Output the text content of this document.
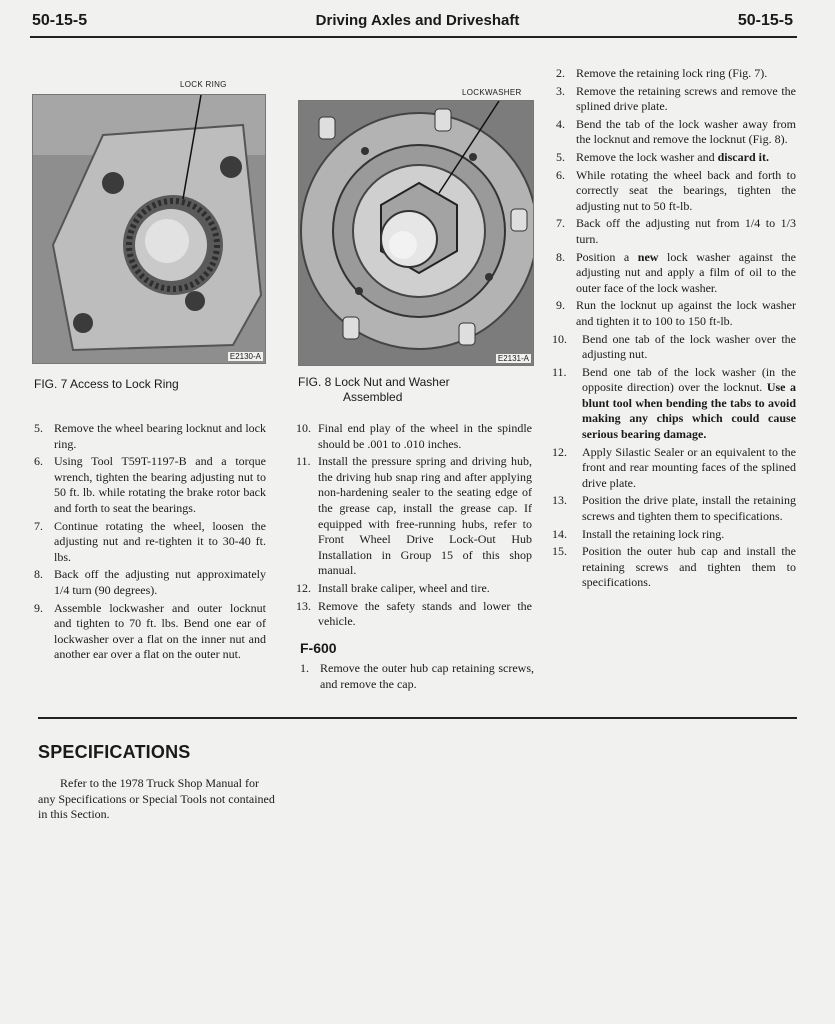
50-15-5	Driving Axles and Driveshaft	50-15-5
LOCK RING
E2130-A
FIG. 7 Access to Lock Ring
LOCKWASHER
E2131-A
FIG. 8 Lock Nut and Washer
Assembled
5. Remove the wheel bearing locknut and lock ring.
6. Using Tool T59T-1197-B and a torque wrench, tighten the bearing adjusting nut to 50 ft. lb. while rotating the brake rotor back and forth to seat the bearings.
7. Continue rotating the wheel, loosen the adjusting nut and re-tighten it to 30-40 ft. lbs.
8. Back off the adjusting nut approximately 1/4 turn (90 degrees).
9. Assemble lockwasher and outer locknut and tighten to 70 ft. lbs. Bend one ear of lockwasher over a flat on the inner nut and another ear over a flat on the outer nut.
10. Final end play of the wheel in the spindle should be .001 to .010 inches.
11. Install the pressure spring and driving hub, the driving hub snap ring and after applying non-hardening sealer to the seating edge of the grease cap, install the grease cap. If equipped with free-running hubs, refer to Front Wheel Drive Lock-Out Hub Installation in Group 15 of this shop manual.
12. Install brake caliper, wheel and tire.
13. Remove the safety stands and lower the vehicle.
F-600
1. Remove the outer hub cap retaining screws, and remove the cap.
2. Remove the retaining lock ring (Fig. 7).
3. Remove the retaining screws and remove the splined drive plate.
4. Bend the tab of the lock washer away from the locknut and remove the locknut (Fig. 8).
5. Remove the lock washer and discard it.
6. While rotating the wheel back and forth to correctly seat the bearings, tighten the adjusting nut to 50 ft-lb.
7. Back off the adjusting nut from 1/4 to 1/3 turn.
8. Position a new lock washer against the adjusting nut and apply a film of oil to the outer face of the lock washer.
9. Run the locknut up against the lock washer and tighten it to 100 to 150 ft-lb.
10.	Bend one tab of the lock washer over the adjusting nut.
11.	Bend one tab of the lock washer (in the opposite direction) over the locknut. Use a blunt tool when bending the tabs to avoid making any chips which could cause serious bearing damage.
12.	Apply Silastic Sealer or an equivalent to the front and rear mounting faces of the splined drive plate.
13.	Position the drive plate, install the retaining screws and tighten them to specifications.
14.	Install the retaining lock ring.
15.	Position the outer hub cap and install the retaining screws and tighten them to specifications.
SPECIFICATIONS
Refer to the 1978 Truck Shop Manual for any Specifications or Special Tools not contained in this Section.
